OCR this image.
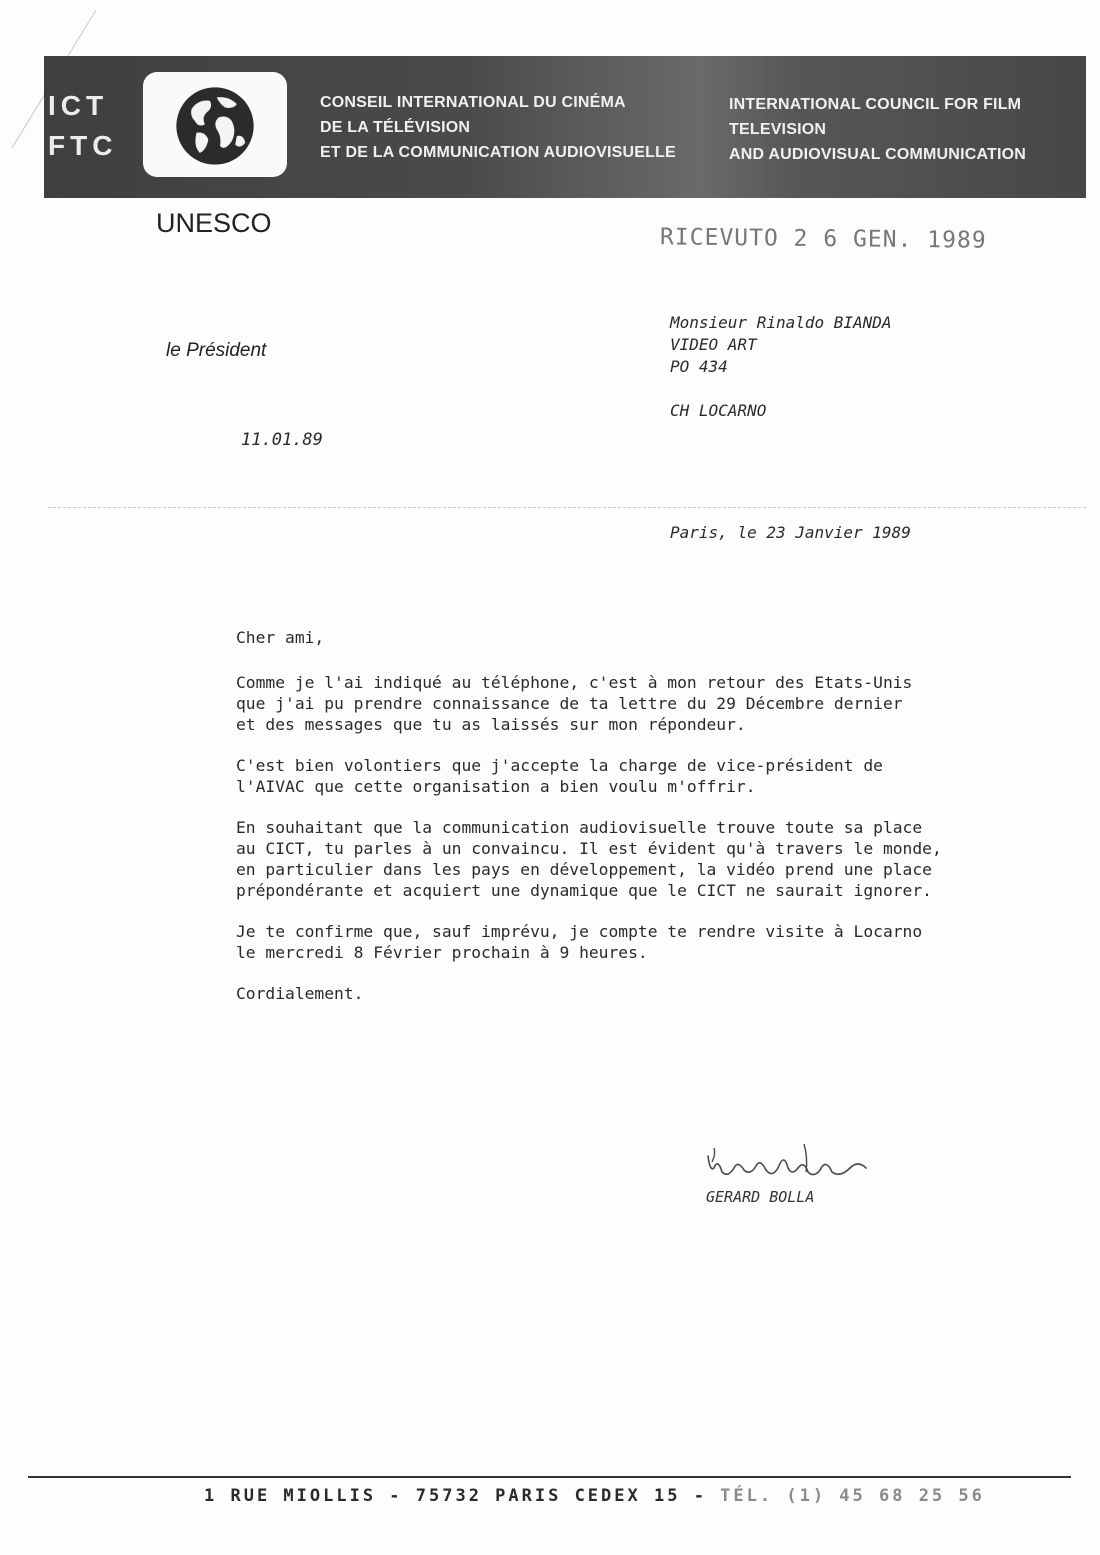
ICT
FTC
CONSEIL INTERNATIONAL DU CINÉMA
DE LA TÉLÉVISION
ET DE LA COMMUNICATION AUDIOVISUELLE
INTERNATIONAL COUNCIL FOR FILM
TELEVISION
AND AUDIOVISUAL COMMUNICATION
UNESCO
RICEVUTO 2 6 GEN. 1989
le Président
Monsieur Rinaldo BIANDA
VIDEO ART
PO 434
CH LOCARNO
11.01.89
Paris, le 23 Janvier 1989
Cher ami,
Comme je l'ai indiqué au téléphone, c'est à mon retour des Etats-Unis
que j'ai pu prendre connaissance de ta lettre du 29 Décembre dernier
et des messages que tu as laissés sur mon répondeur.
C'est bien volontiers que j'accepte la charge de vice-président de
l'AIVAC que cette organisation a bien voulu m'offrir.
En souhaitant que la communication audiovisuelle trouve toute sa place
au CICT, tu parles à un convaincu. Il est évident qu'à travers le monde,
en particulier dans les pays en développement, la vidéo prend une place
prépondérante et acquiert une dynamique que le CICT ne saurait ignorer.
Je te confirme que, sauf imprévu, je compte te rendre visite à Locarno
le mercredi 8 Février prochain à 9 heures.
Cordialement.
GERARD BOLLA
1 RUE MIOLLIS - 75732 PARIS CEDEX 15 - TÉL. (1) 45 68 25 56
